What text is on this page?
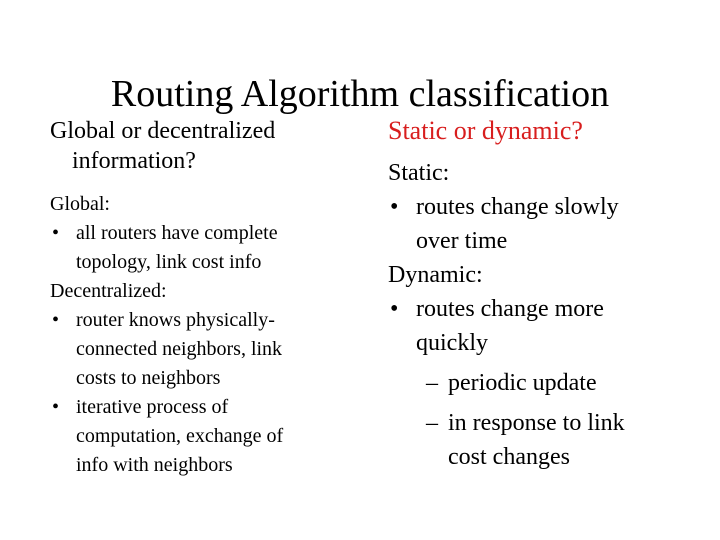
Routing Algorithm classification
Global or decentralized
information?
Global:
• all routers have complete
topology, link cost info
Decentralized:
• router knows physically-
connected neighbors, link
costs to neighbors
• iterative process of
computation, exchange of
info with neighbors
Static or dynamic?
Static:
• routes change slowly
over time
Dynamic:
• routes change more
quickly
– periodic update
– in response to link
cost changes
